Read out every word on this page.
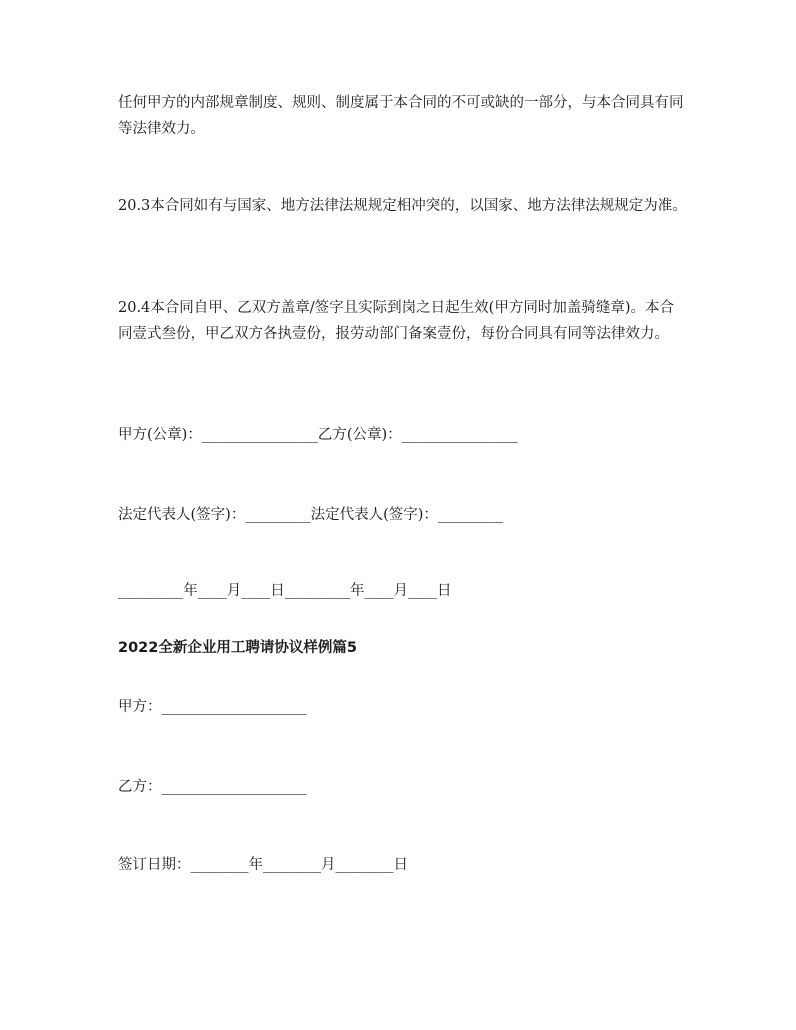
任何甲方的内部规章制度、规则、制度属于本合同的不可或缺的一部分，与本合同具有同等法律效力。

20.3本合同如有与国家、地方法律法规规定相冲突的，以国家、地方法律法规规定为准。

20.4本合同自甲、乙双方盖章/签字且实际到岗之日起生效(甲方同时加盖骑缝章)。本合同壹式叁份，甲乙双方各执壹份，报劳动部门备案壹份，每份合同具有同等法律效力。

甲方(公章)：________________乙方(公章)：________________

法定代表人(签字)：_________法定代表人(签字)：_________

_________年____月____日_________年____月____日

2022全新企业用工聘请协议样例篇5

甲方：____________________

乙方：____________________

签订日期：________年________月________日
